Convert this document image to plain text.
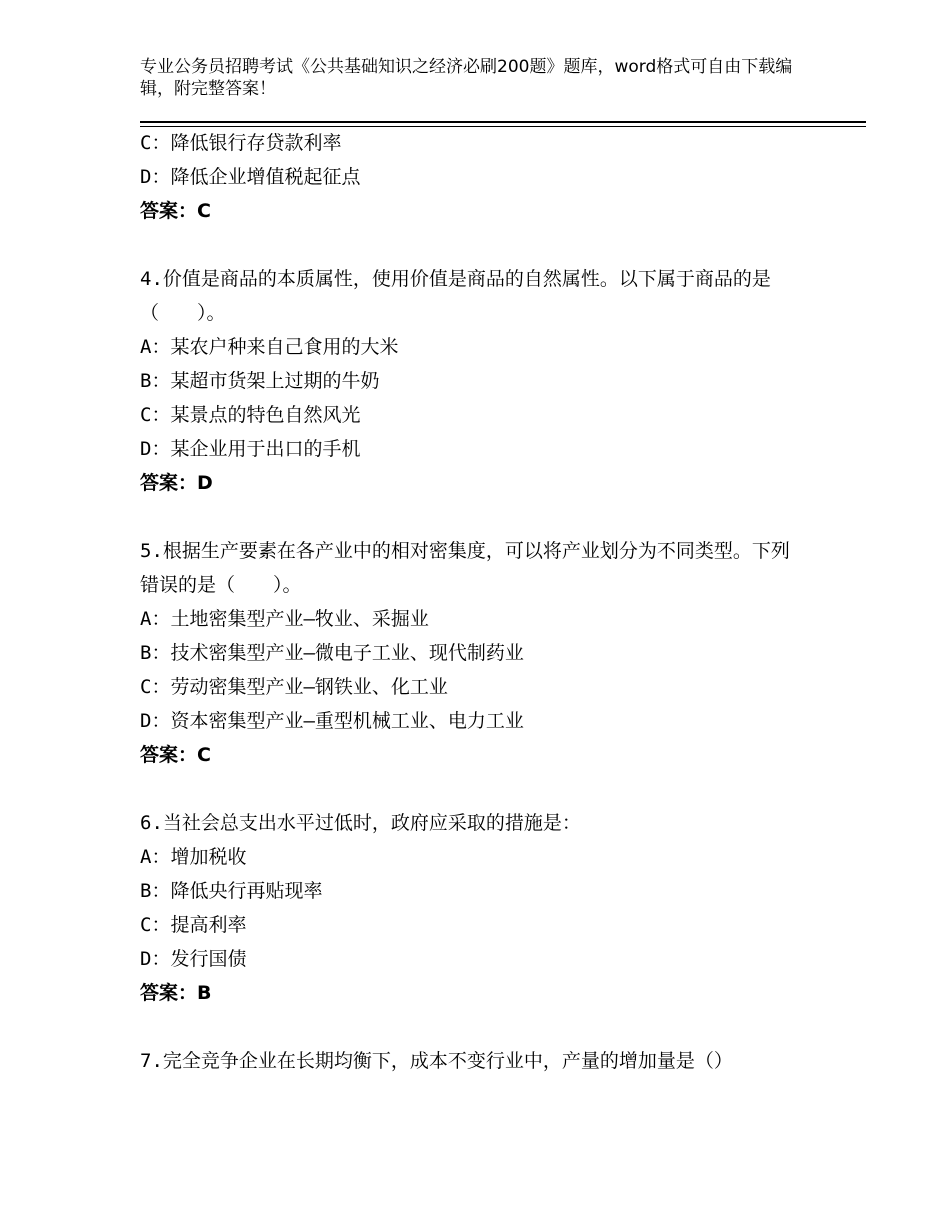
专业公务员招聘考试《公共基础知识之经济必刷200题》题库，word格式可自由下载编辑，附完整答案！
C：降低银行存贷款利率
D：降低企业增值税起征点
答案：C
4.价值是商品的本质属性，使用价值是商品的自然属性。以下属于商品的是（　　）。
A：某农户种来自己食用的大米
B：某超市货架上过期的牛奶
C：某景点的特色自然风光
D：某企业用于出口的手机
答案：D
5.根据生产要素在各产业中的相对密集度，可以将产业划分为不同类型。下列错误的是（　　）。
A：土地密集型产业—牧业、采掘业
B：技术密集型产业—微电子工业、现代制药业
C：劳动密集型产业—钢铁业、化工业
D：资本密集型产业—重型机械工业、电力工业
答案：C
6.当社会总支出水平过低时，政府应采取的措施是：
A：增加税收
B：降低央行再贴现率
C：提高利率
D：发行国债
答案：B
7.完全竞争企业在长期均衡下，成本不变行业中，产量的增加量是（）
